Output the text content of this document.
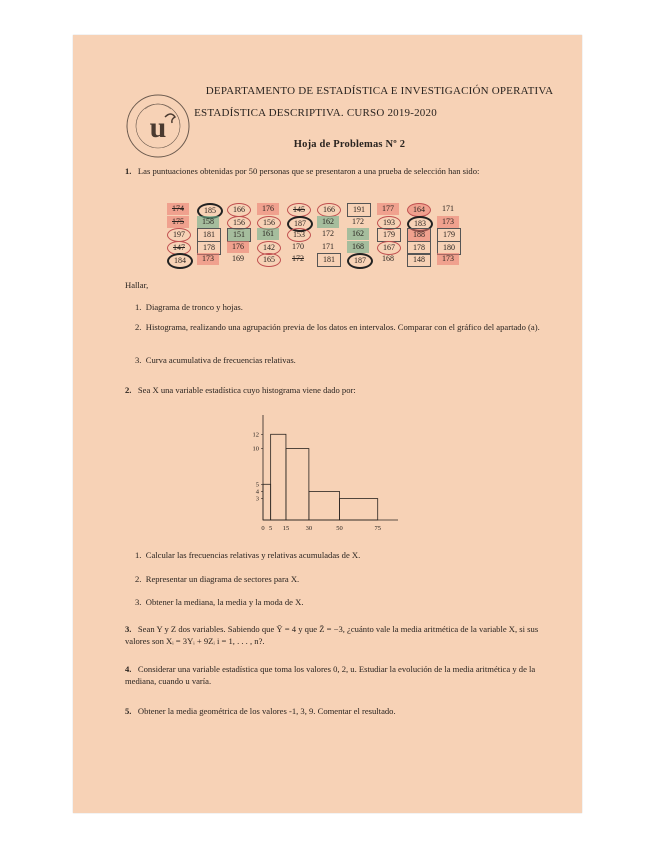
u
DEPARTAMENTO DE ESTADÍSTICA E INVESTIGACIÓN OPERATIVA
ESTADÍSTICA DESCRIPTIVA. CURSO 2019-2020
Hoja de Problemas Nº 2
1. Las puntuaciones obtenidas por 50 personas que se presentaron a una prueba de selección han sido:
174	185	166	176	145	166	191	177	164	171
175	158	156	156	187	162	172	193	183	173
197	181	151	161	153	172	162	179	188	179
147	178	176	142	170	171	168	167	178	180
184	173	169	165	172	181	187	168	148	173
Hallar,
1. Diagrama de tronco y hojas.
2. Histograma, realizando una agrupación previa de los datos en intervalos. Comparar con el gráfico del apartado (a).
3. Curva acumulativa de frecuencias relativas.
2. Sea X una variable estadística cuyo histograma viene dado por:
0 5 15	30	50	75
3
4
5
10
12
1. Calcular las frecuencias relativas y relativas acumuladas de X.
2. Representar un diagrama de sectores para X.
3. Obtener la mediana, la media y la moda de X.
3. Sean Y y Z dos variables. Sabiendo que Ȳ = 4 y que Z̄ = −3, ¿cuánto vale la media aritmética de la variable X, si sus valores son Xᵢ = 3Yᵢ + 9Zᵢ i = 1, . . . , n?.
4. Considerar una variable estadística que toma los valores 0, 2, u. Estudiar la evolución de la media aritmética y de la mediana, cuando u varía.
5. Obtener la media geométrica de los valores -1, 3, 9. Comentar el resultado.
